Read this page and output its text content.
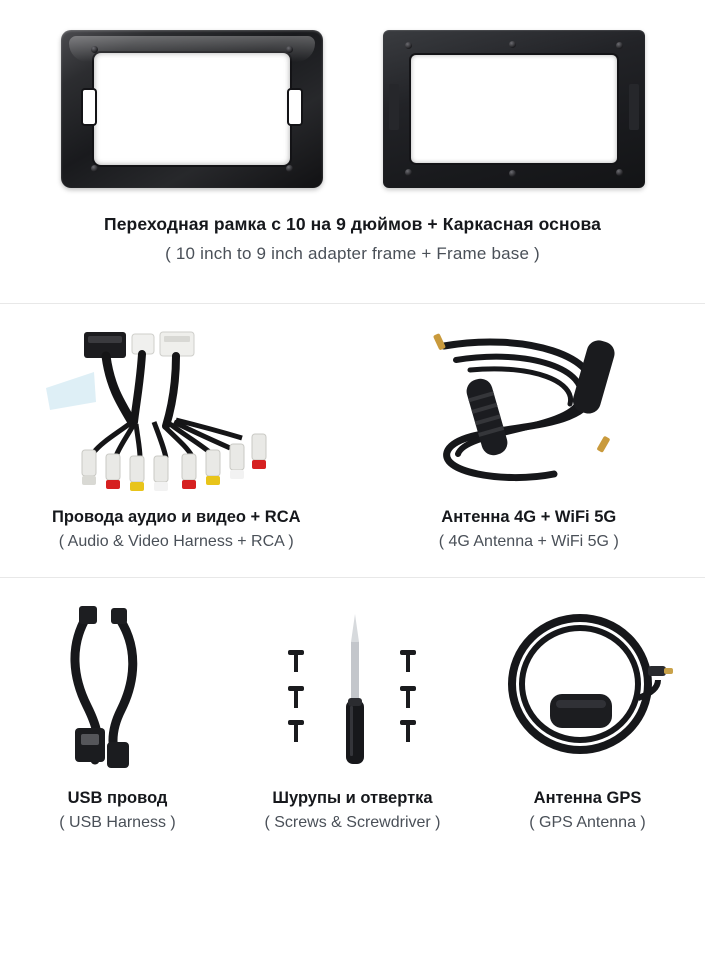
Переходная рамка с 10 на 9 дюймов + Каркасная основа
( 10 inch to 9 inch adapter frame + Frame base )
Провода аудио и видео + RCA
( Audio & Video Harness + RCA )
Антенна 4G + WiFi 5G
( 4G Antenna + WiFi 5G )
USB провод
( USB Harness )
Шурупы и отвертка
( Screws & Screwdriver )
Антенна GPS
( GPS Antenna )
